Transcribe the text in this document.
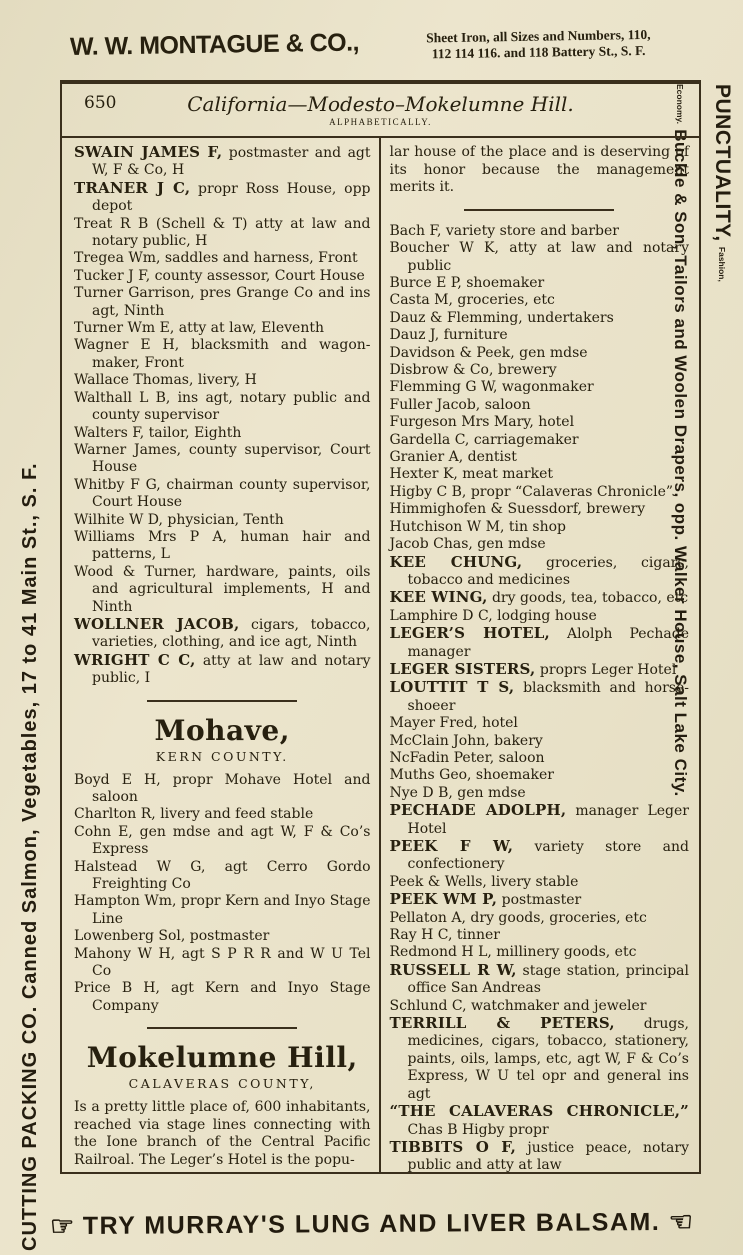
W. W. MONTAGUE & CO.,	Sheet Iron, all Sizes and Numbers, 110,
112 114 116. and 118 Battery St., S. F.
CUTTING PACKING CO. Canned Salmon, Vegetables, 17 to 41 Main St., S. F.
PUNCTUALITY, Fashion,
Economy. Buckle & Son, Tailors and Woolen Drapers, opp. Walker House, Salt Lake City.
650	California—Modesto–Mokelumne Hill.
ALPHABETICALLY.
SWAIN JAMES F, postmaster and agt W, F & Co, H
TRANER J C, propr Ross House, opp depot
Treat R B (Schell & T) atty at law and notary public, H
Tregea Wm, saddles and harness, Front
Tucker J F, county assessor, Court House
Turner Garrison, pres Grange Co and ins agt, Ninth
Turner Wm E, atty at law, Eleventh
Wagner E H, blacksmith and wagon-maker, Front
Wallace Thomas, livery, H
Walthall L B, ins agt, notary public and county supervisor
Walters F, tailor, Eighth
Warner James, county supervisor, Court House
Whitby F G, chairman county supervisor, Court House
Wilhite W D, physician, Tenth
Williams Mrs P A, human hair and patterns, L
Wood & Turner, hardware, paints, oils and agricultural implements, H and Ninth
WOLLNER JACOB, cigars, tobacco, varieties, clothing, and ice agt, Ninth
WRIGHT C C, atty at law and notary public, I
Mohave,
KERN COUNTY.
Boyd E H, propr Mohave Hotel and saloon
Charlton R, livery and feed stable
Cohn E, gen mdse and agt W, F & Co’s Express
Halstead W G, agt Cerro Gordo Freighting Co
Hampton Wm, propr Kern and Inyo Stage Line
Lowenberg Sol, postmaster
Mahony W H, agt S P R R and W U Tel Co
Price B H, agt Kern and Inyo Stage Company
Mokelumne Hill,
CALAVERAS COUNTY,
Is a pretty little place of, 600 inhabitants, reached via stage lines connecting with the Ione branch of the Central Pacific Railroal. The Leger’s Hotel is the popu-
lar house of the place and is deserving of its honor because the management merits it.
Bach F, variety store and barber
Boucher W K, atty at law and notary public
Burce E P, shoemaker
Casta M, groceries, etc
Dauz & Flemming, undertakers
Dauz J, furniture
Davidson & Peek, gen mdse
Disbrow & Co, brewery
Flemming G W, wagonmaker
Fuller Jacob, saloon
Furgeson Mrs Mary, hotel
Gardella C, carriagemaker
Granier A, dentist
Hexter K, meat market
Higby C B, propr “Calaveras Chronicle”
Himmighofen & Suessdorf, brewery
Hutchison W M, tin shop
Jacob Chas, gen mdse
KEE CHUNG, groceries, cigars, tobacco and medicines
KEE WING, dry goods, tea, tobacco, etc
Lamphire D C, lodging house
LEGER’S HOTEL, Alolph Pechade manager
LEGER SISTERS, proprs Leger Hotel
LOUTTIT T S, blacksmith and horse-shoeer
Mayer Fred, hotel
McClain John, bakery
NcFadin Peter, saloon
Muths Geo, shoemaker
Nye D B, gen mdse
PECHADE ADOLPH, manager Leger Hotel
PEEK F W, variety store and confectionery
Peek & Wells, livery stable
PEEK WM P, postmaster
Pellaton A, dry goods, groceries, etc
Ray H C, tinner
Redmond H L, millinery goods, etc
RUSSELL R W, stage station, principal office San Andreas
Schlund C, watchmaker and jeweler
TERRILL & PETERS, drugs, medicines, cigars, tobacco, stationery, paints, oils, lamps, etc, agt W, F & Co’s Express, W U tel opr and general ins agt
“THE CALAVERAS CHRONICLE,” Chas B Higby propr
TIBBITS O F, justice peace, notary public and atty at law
☞ TRY MURRAY'S LUNG AND LIVER BALSAM. ☜
